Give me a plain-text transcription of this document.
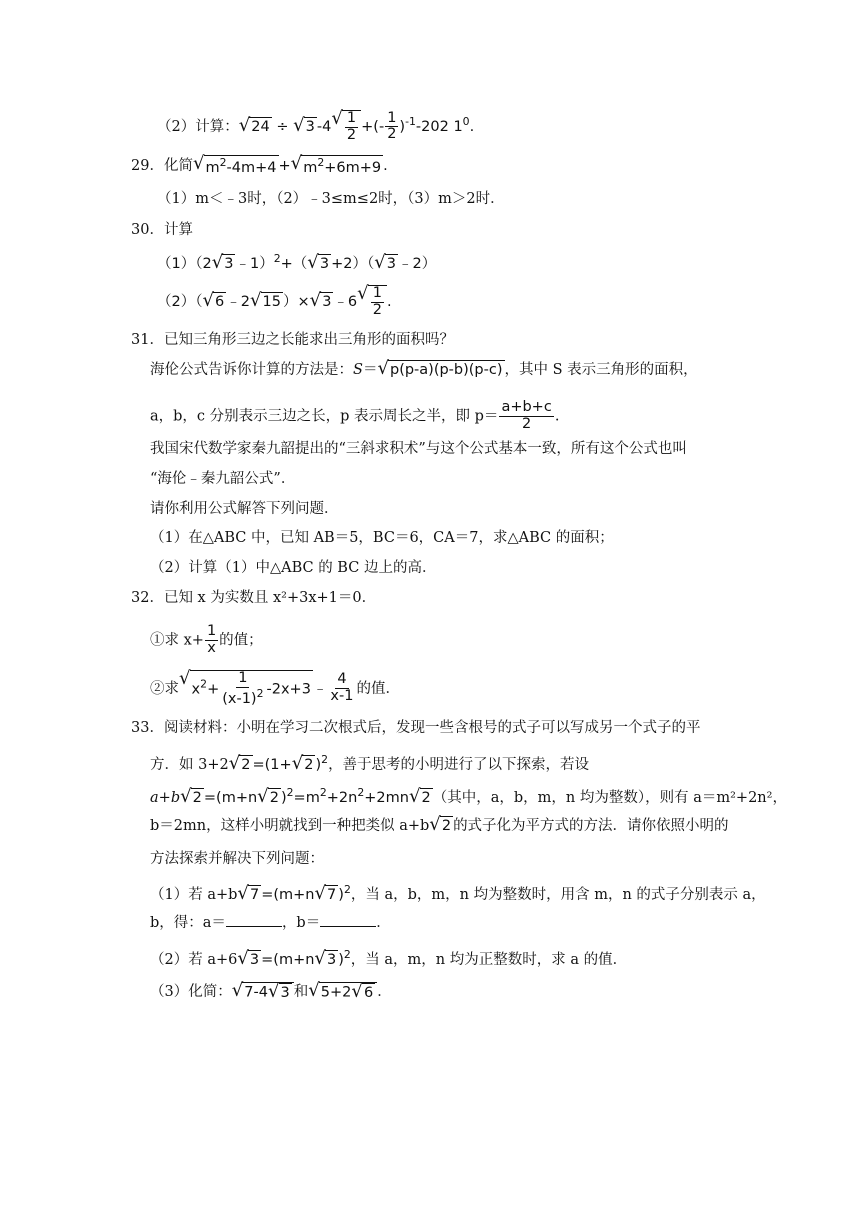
（2）计算： √ 24 ÷ √ 3 -4 √ $\frac{1}{2}$ +(- $\frac{1}{2} )^{-1}-202$ $1^0$.
29．化简 √ $m^2-4m+4$ + √ $m^2+6m+9$ .
（1）m＜﹣3时，（2）﹣3≤m≤2时，（3）m＞2时．
30．计算
（1）（2 √ 3 ﹣1）$^2$+（ √ 3 +2）（ √ 3 ﹣2）
（2）（ √ 6 ﹣2 √ 15 ）× √ 3 ﹣6 √ $\frac{1}{2}$ .
31．已知三角形三边之长能求出三角形的面积吗？
海伦公式告诉你计算的方法是：S＝ √ p(p-a)(p-b)(p-c) ，其中 S 表示三角形的面积，
a，b，c 分别表示三边之长，p 表示周长之半，即 $p= \frac{a+b+c}{2}$ .
我国宋代数学家秦九韶提出的“三斜求积术”与这个公式基本一致，所有这个公式也叫
“海伦﹣秦九韶公式”．
请你利用公式解答下列问题．
（1）在△ABC 中，已知 AB＝5，BC＝6，CA＝7，求△ABC 的面积；
（2）计算（1）中△ABC 的 BC 边上的高．
32．已知 x 为实数且 x²+3x+1＝0．
①求 $x+ \frac{1}{x}$ 的值；
②求 √
$x^2+ \frac{1}{(x-1)^2} -2x+3$ ﹣ $\frac{4}{x-1}$ 的值．
33．阅读材料：小明在学习二次根式后，发现一些含根号的式子可以写成另一个式子的平
方．如 3+2 √ 2 =(1+ √ 2 )$^2$，善于思考的小明进行了以下探索，若设
a+b √ 2 =(m+n √ 2 )$^2=m^2+2n^2+2mn$ √ 2 （其中，a，b，m，n 均为整数），则有 a＝m²+2n²，
b＝2mn，这样小明就找到一种把类似 a+b √ 2 的式子化为平方式的方法．请你依照小明的
方法探索并解决下列问题：
（1）若 a+b √ 7 =(m+n √ 7 )$^2$，当 a，b，m，n 均为整数时，用含 m，n 的式子分别表示 a，
b，得：a＝	，b＝	．
（2）若 a+6 √ 3 =(m+n √ 3 )$^2$，当 a，m，n 均为正整数时，求 a 的值．
（3）化简： √ 7-4 √ 3 和 √ 5+2 √ 6 ．
